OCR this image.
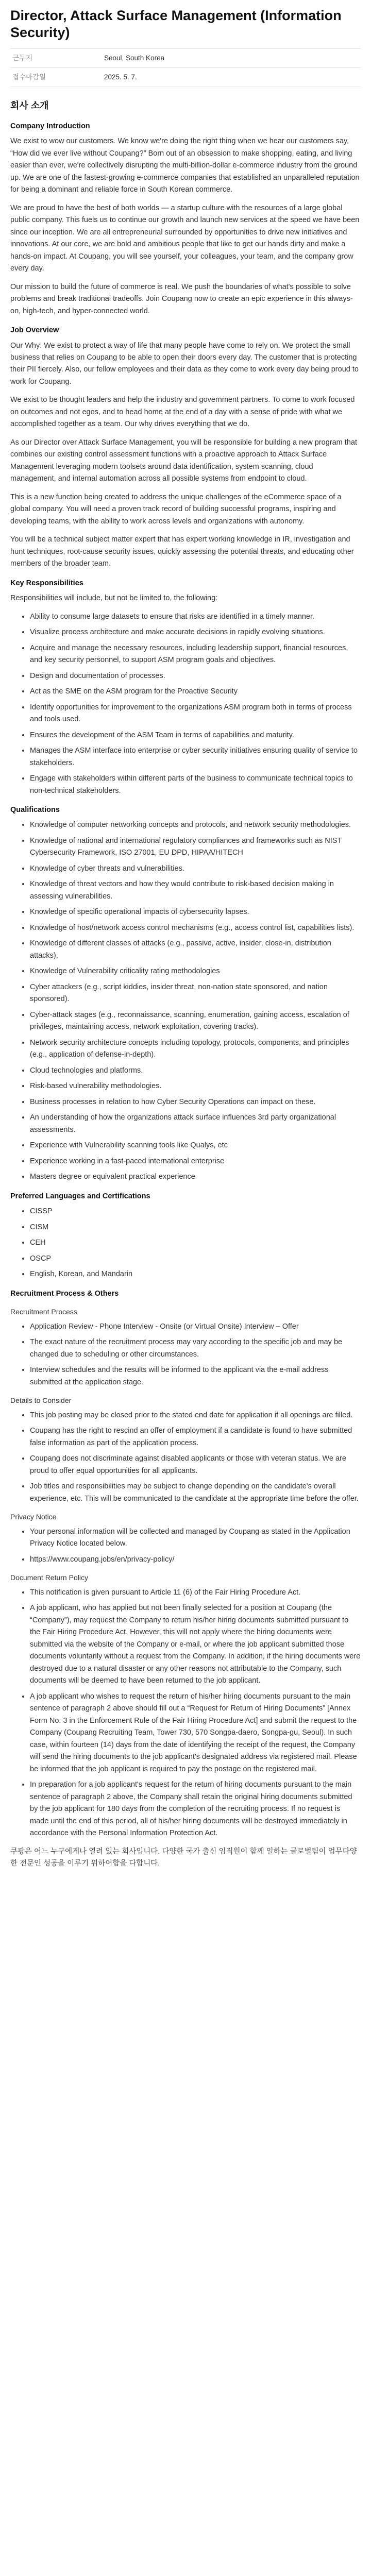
Director, Attack Surface Management (Information Security)
근무지	Seoul, South Korea
접수마감일	2025. 5. 7.
회사 소개
Company Introduction

We exist to wow our customers. We know we're doing the right thing when we hear our customers say, “How did we ever live without Coupang?” Born out of an obsession to make shopping, eating, and living easier than ever, we're collectively disrupting the multi-billion-dollar e-commerce industry from the ground up. We are one of the fastest-growing e-commerce companies that established an unparalleled reputation for being a dominant and reliable force in South Korean commerce.

We are proud to have the best of both worlds — a startup culture with the resources of a large global public company. This fuels us to continue our growth and launch new services at the speed we have been since our inception. We are all entrepreneurial surrounded by opportunities to drive new initiatives and innovations. At our core, we are bold and ambitious people that like to get our hands dirty and make a hands-on impact. At Coupang, you will see yourself, your colleagues, your team, and the company grow every day.

Our mission to build the future of commerce is real. We push the boundaries of what's possible to solve problems and break traditional tradeoffs. Join Coupang now to create an epic experience in this always-on, high-tech, and hyper-connected world.

Job Overview

Our Why: We exist to protect a way of life that many people have come to rely on. We protect the small business that relies on Coupang to be able to open their doors every day. The customer that is protecting their PII fiercely. Also, our fellow employees and their data as they come to work every day being proud to work for Coupang.

We exist to be thought leaders and help the industry and government partners. To come to work focused on outcomes and not egos, and to head home at the end of a day with a sense of pride with what we accomplished together as a team. Our why drives everything that we do.

As our Director over Attack Surface Management, you will be responsible for building a new program that combines our existing control assessment functions with a proactive approach to Attack Surface Management leveraging modern toolsets around data identification, system scanning, cloud management, and internal automation across all possible systems from endpoint to cloud.

This is a new function being created to address the unique challenges of the eCommerce space of a global company. You will need a proven track record of building successful programs, inspiring and developing teams, with the ability to work across levels and organizations with autonomy.

You will be a technical subject matter expert that has expert working knowledge in IR, investigation and hunt techniques, root-cause security issues, quickly assessing the potential threats, and educating other members of the broader team.

Key Responsibilities

Responsibilities will include, but not be limited to, the following:

• Ability to consume large datasets to ensure that risks are identified in a timely manner.
• Visualize process architecture and make accurate decisions in rapidly evolving situations.
• Acquire and manage the necessary resources, including leadership support, financial resources, and key security personnel, to support ASM program goals and objectives.
• Design and documentation of processes.
• Act as the SME on the ASM program for the Proactive Security
• Identify opportunities for improvement to the organizations ASM program both in terms of process and tools used.
• Ensures the development of the ASM Team in terms of capabilities and maturity.
• Manages the ASM interface into enterprise or cyber security initiatives ensuring quality of service to stakeholders.
• Engage with stakeholders within different parts of the business to communicate technical topics to non-technical stakeholders.
Qualifications
• Knowledge of computer networking concepts and protocols, and network security methodologies.
• Knowledge of national and international regulatory compliances and frameworks such as NIST Cybersecurity Framework, ISO 27001, EU DPD, HIPAA/HITECH
• Knowledge of cyber threats and vulnerabilities.
• Knowledge of threat vectors and how they would contribute to risk-based decision making in assessing vulnerabilities.
• Knowledge of specific operational impacts of cybersecurity lapses.
• Knowledge of host/network access control mechanisms (e.g., access control list, capabilities lists).
• Knowledge of different classes of attacks (e.g., passive, active, insider, close-in, distribution attacks).
• Knowledge of Vulnerability criticality rating methodologies
• Cyber attackers (e.g., script kiddies, insider threat, non-nation state sponsored, and nation sponsored).
• Cyber-attack stages (e.g., reconnaissance, scanning, enumeration, gaining access, escalation of privileges, maintaining access, network exploitation, covering tracks).
• Network security architecture concepts including topology, protocols, components, and principles (e.g., application of defense-in-depth).
• Cloud technologies and platforms.
• Risk-based vulnerability methodologies.
• Business processes in relation to how Cyber Security Operations can impact on these.
• An understanding of how the organizations attack surface influences 3rd party organizational assessments.
• Experience with Vulnerability scanning tools like Qualys, etc
• Experience working in a fast-paced international enterprise
• Masters degree or equivalent practical experience
Preferred Languages and Certifications
• CISSP
• CISM
• CEH
• OSCP
• English, Korean, and Mandarin
Recruitment Process & Others
Recruitment Process
• Application Review - Phone Interview - Onsite (or Virtual Onsite) Interview – Offer
• The exact nature of the recruitment process may vary according to the specific job and may be changed due to scheduling or other circumstances.
• Interview schedules and the results will be informed to the applicant via the e-mail address submitted at the application stage.
Details to Consider
• This job posting may be closed prior to the stated end date for application if all openings are filled.
• Coupang has the right to rescind an offer of employment if a candidate is found to have submitted false information as part of the application process.
• Coupang does not discriminate against disabled applicants or those with veteran status. We are proud to offer equal opportunities for all applicants.
• Job titles and responsibilities may be subject to change depending on the candidate's overall experience, etc. This will be communicated to the candidate at the appropriate time before the offer.
Privacy Notice
• Your personal information will be collected and managed by Coupang as stated in the Application Privacy Notice located below.
• https://www.coupang.jobs/en/privacy-policy/
Document Return Policy
• This notification is given pursuant to Article 11 (6) of the Fair Hiring Procedure Act.
• A job applicant, who has applied but not been finally selected for a position at Coupang (the “Company”), may request the Company to return his/her hiring documents submitted pursuant to the Fair Hiring Procedure Act. However, this will not apply where the hiring documents were submitted via the website of the Company or e-mail, or where the job applicant submitted those documents voluntarily without a request from the Company. In addition, if the hiring documents were destroyed due to a natural disaster or any other reasons not attributable to the Company, such documents will be deemed to have been returned to the job applicant.
• A job applicant who wishes to request the return of his/her hiring documents pursuant to the main sentence of paragraph 2 above should fill out a “Request for Return of Hiring Documents” [Annex Form No. 3 in the Enforcement Rule of the Fair Hiring Procedure Act] and submit the request to the Company (Coupang Recruiting Team, Tower 730, 570 Songpa-daero, Songpa-gu, Seoul). In such case, within fourteen (14) days from the date of identifying the receipt of the request, the Company will send the hiring documents to the job applicant's designated address via registered mail. Please be informed that the job applicant is required to pay the postage on the registered mail.
• In preparation for a job applicant's request for the return of hiring documents pursuant to the main sentence of paragraph 2 above, the Company shall retain the original hiring documents submitted by the job applicant for 180 days from the completion of the recruiting process. If no request is made until the end of this period, all of his/her hiring documents will be destroyed immediately in accordance with the Personal Information Protection Act.

쿠팡은 어느 누구에게나 열려 있는 회사입니다. 다양한 국가 출신 임직원이 함께 일하는 글로벌팀이 업무다양한 전문인 성공을 이루기 위하여함을 다합니다.
